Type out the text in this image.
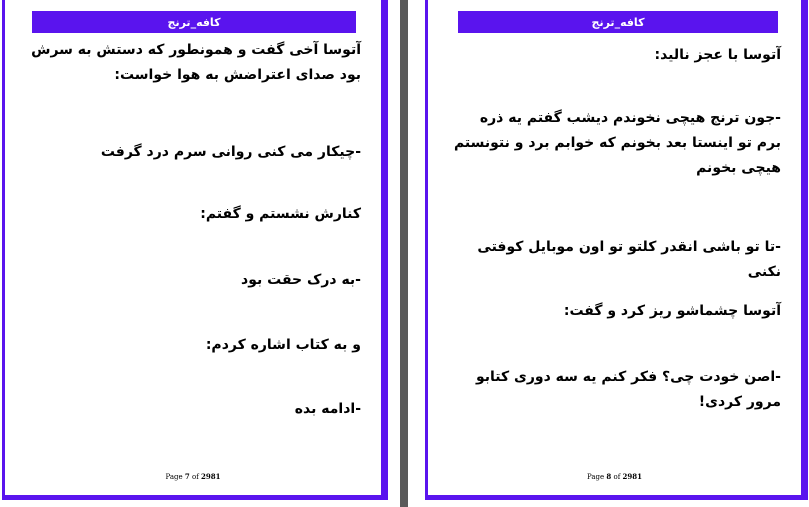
کافه_ترنج
آتوسا آخی گفت و همونطور که دستش به سرش بود صدای اعتراضش به هوا خواست:
-چیکار می کنی روانی سرم درد گرفت
کنارش نشستم و گفتم:
-به درک حقت بود
و به کتاب اشاره کردم:
-ادامه بده
Page 7 of 2981
کافه_ترنج
آتوسا با عجز نالید:
-جون ترنج هیچی نخوندم دیشب گفتم یه ذره برم تو اینستا بعد بخونم که خوابم برد و نتونستم هیچی بخونم
-تا تو باشی انقدر کلتو تو اون موبایل کوفتی نکنی
آتوسا چشماشو ریز کرد و گفت:
-اصن خودت چی؟ فکر کنم یه سه دوری کتابو مرور کردی!
Page 8 of 2981
